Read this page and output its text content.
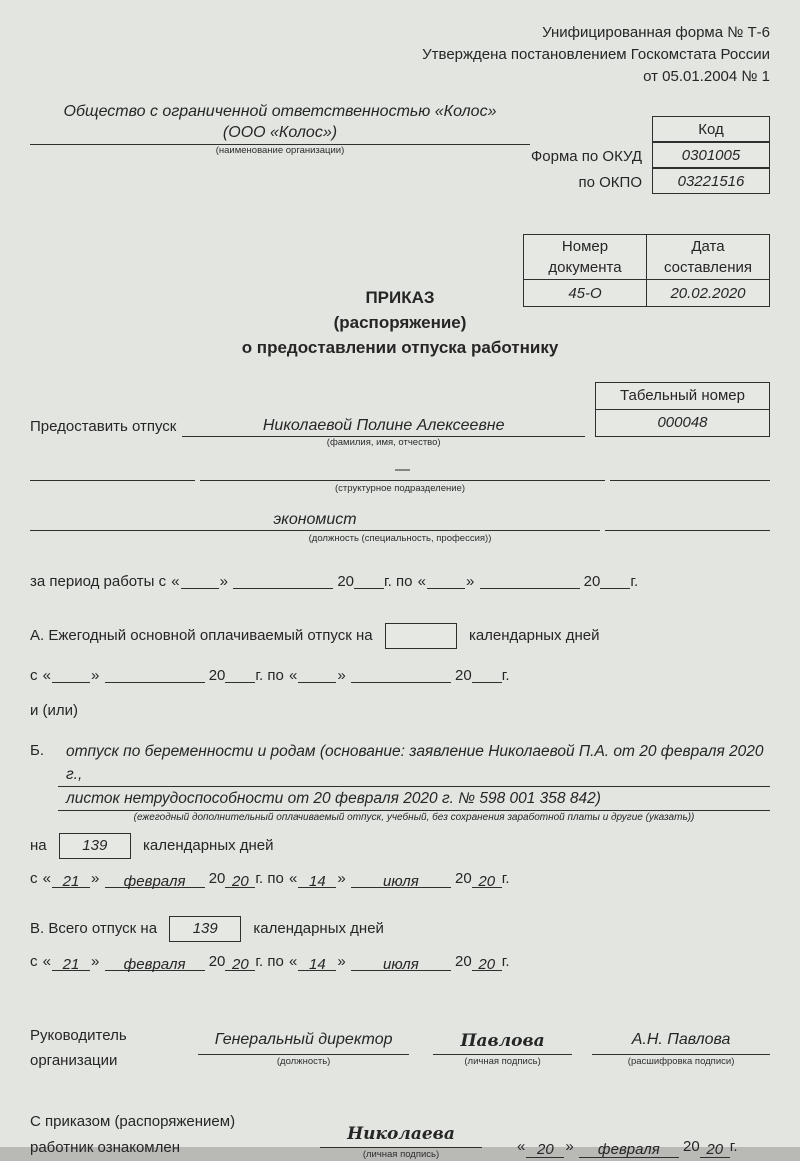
Унифицированная форма № Т-6
Утверждена постановлением Госкомстата России
от 05.01.2004 № 1
Общество с ограниченной ответственностью «Колос»
(ООО «Колос»)
(наименование организации)
Код
Форма по ОКУД	0301005
по ОКПО	03221516
Номер документа	Дата составления
45-О	20.02.2020
ПРИКАЗ
(распоряжение)
о предоставлении отпуска работнику
Предоставить отпуск	Николаевой Полине Алексеевне
(фамилия, имя, отчество)
Табельный номер
000048
—
(структурное подразделение)
экономист
(должность (специальность, профессия))
за период работы с «	»	20 г. по «	»	20 г.
А. Ежегодный основной оплачиваемый отпуск на	календарных дней
с «	»	20 г. по «	»	20 г.
и (или)
Б.	отпуск по беременности и родам (основание: заявление Николаевой П.А. от 20 февраля 2020 г.,
листок нетрудоспособности от 20 февраля 2020 г. № 598 001 358 842)
(ежегодный дополнительный оплачиваемый отпуск, учебный, без сохранения заработной платы и другие (указать))
на 139 календарных дней
с « 21 » февраля 20 20 г. по « 14 » июля 20 20 г.
В. Всего отпуск на 139 календарных дней
с « 21 » февраля 20 20 г. по « 14 » июля 20 20 г.
Руководитель
организации
Генеральный директор
(должность)
Павлова
(личная подпись)
А.Н. Павлова
(расшифровка подписи)
С приказом (распоряжением)
работник ознакомлен
Николаева
(личная подпись)	« 20 » февраля 20 20 г.
